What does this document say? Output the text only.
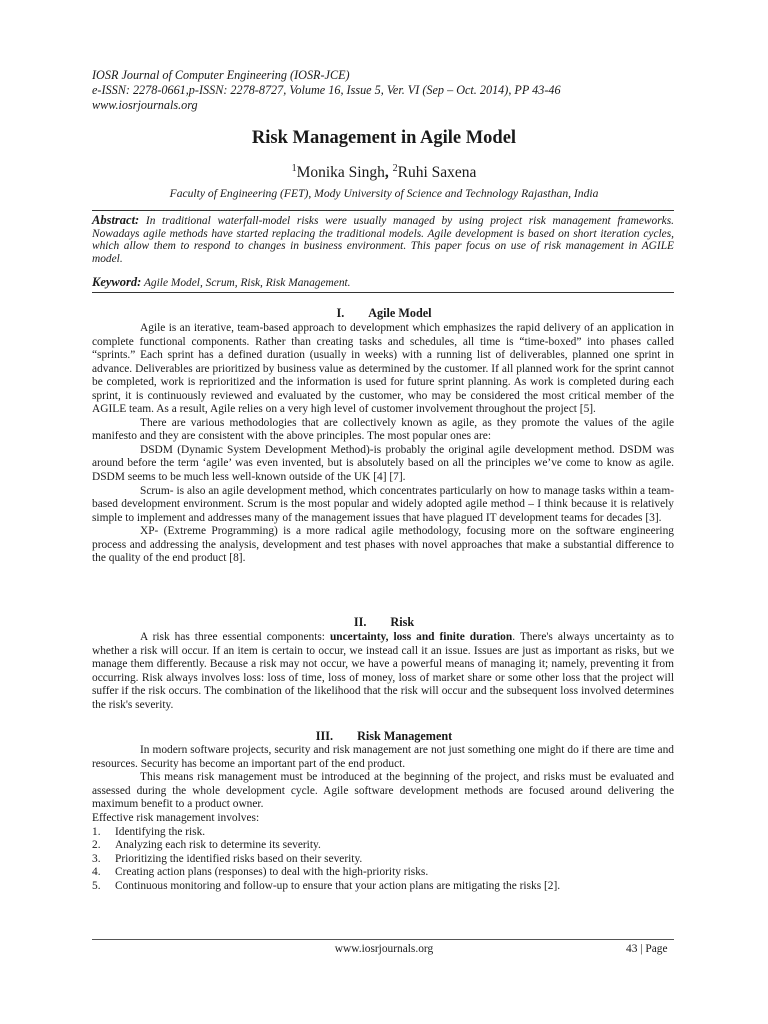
IOSR Journal of Computer Engineering (IOSR-JCE)
e-ISSN: 2278-0661,p-ISSN: 2278-8727, Volume 16, Issue 5, Ver. VI (Sep – Oct. 2014), PP 43-46
www.iosrjournals.org
Risk Management in Agile Model
$^1$Monika Singh, $^2$Ruhi Saxena
Faculty of Engineering (FET), Mody University of Science and Technology Rajasthan, India
Abstract: In traditional waterfall-model risks were usually managed by using project risk management frameworks. Nowadays agile methods have started replacing the traditional models. Agile development is based on short iteration cycles, which allow them to respond to changes in business environment. This paper focus on use of risk management in AGILE model.
Keyword: Agile Model, Scrum, Risk, Risk Management.
I. Agile Model

Agile is an iterative, team-based approach to development which emphasizes the rapid delivery of an application in complete functional components. Rather than creating tasks and schedules, all time is “time-boxed” into phases called “sprints.” Each sprint has a defined duration (usually in weeks) with a running list of deliverables, planned one sprint in advance. Deliverables are prioritized by business value as determined by the customer. If all planned work for the sprint cannot be completed, work is reprioritized and the information is used for future sprint planning. As work is completed during each sprint, it is continuously reviewed and evaluated by the customer, who may be considered the most critical member of the AGILE team. As a result, Agile relies on a very high level of customer involvement throughout the project [5].

There are various methodologies that are collectively known as agile, as they promote the values of the agile manifesto and they are consistent with the above principles. The most popular ones are:

DSDM (Dynamic System Development Method)-is probably the original agile development method. DSDM was around before the term ‘agile’ was even invented, but is absolutely based on all the principles we’ve come to know as agile. DSDM seems to be much less well-known outside of the UK [4] [7].

Scrum- is also an agile development method, which concentrates particularly on how to manage tasks within a team-based development environment. Scrum is the most popular and widely adopted agile method – I think because it is relatively simple to implement and addresses many of the management issues that have plagued IT development teams for decades [3].

XP- (Extreme Programming) is a more radical agile methodology, focusing more on the software engineering process and addressing the analysis, development and test phases with novel approaches that make a substantial difference to the quality of the end product [8].

II. Risk

A risk has three essential components: uncertainty, loss and finite duration. There's always uncertainty as to whether a risk will occur. If an item is certain to occur, we instead call it an issue. Issues are just as important as risks, but we manage them differently. Because a risk may not occur, we have a powerful means of managing it; namely, preventing it from occurring. Risk always involves loss: loss of time, loss of money, loss of market share or some other loss that the project will suffer if the risk occurs. The combination of the likelihood that the risk will occur and the subsequent loss involved determines the risk's severity.

III. Risk Management

In modern software projects, security and risk management are not just something one might do if there are time and resources. Security has become an important part of the end product.

This means risk management must be introduced at the beginning of the project, and risks must be evaluated and assessed during the whole development cycle. Agile software development methods are focused around delivering the maximum benefit to a product owner.

Effective risk management involves:
1.	Identifying the risk.
2.	Analyzing each risk to determine its severity.
3.	Prioritizing the identified risks based on their severity.
4.	Creating action plans (responses) to deal with the high-priority risks.
5.	Continuous monitoring and follow-up to ensure that your action plans are mitigating the risks [2].
www.iosrjournals.org	43 | Page
